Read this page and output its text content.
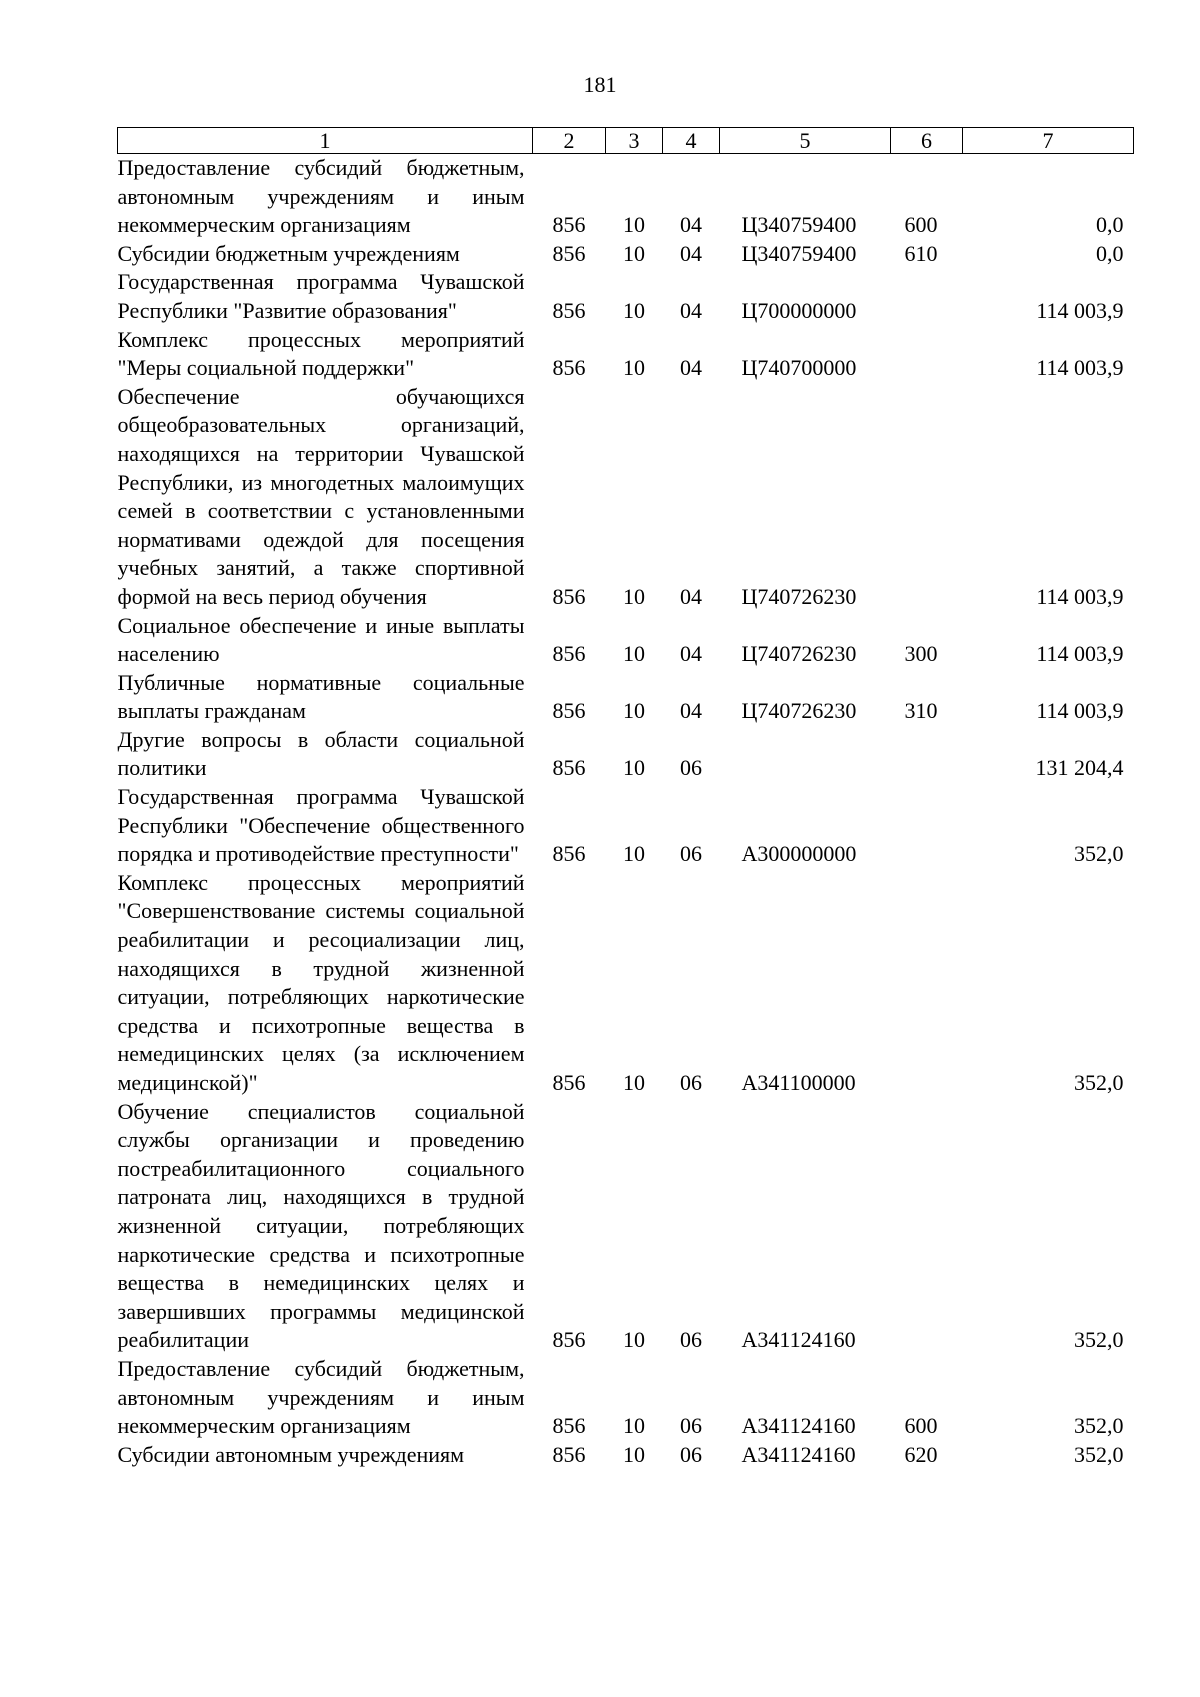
181
1	2	3	4	5	6	7
Предоставление субсидий бюджетным, автономным учреждениям и иным некоммерческим организациям	856	10	04	Ц340759400	600	0,0
Субсидии бюджетным учреждениям	856	10	04	Ц340759400	610	0,0
Государственная программа Чувашской Республики "Развитие образования"	856	10	04	Ц700000000		114 003,9
Комплекс процессных мероприятий "Меры социальной поддержки"	856	10	04	Ц740700000		114 003,9
Обеспечение обучающихся общеобразовательных организаций, находящихся на территории Чувашской Республики, из многодетных малоимущих семей в соответствии с установленными нормативами одеждой для посещения учебных занятий, а также спортивной формой на весь период обучения	856	10	04	Ц740726230		114 003,9
Социальное обеспечение и иные выплаты населению	856	10	04	Ц740726230	300	114 003,9
Публичные нормативные социальные выплаты гражданам	856	10	04	Ц740726230	310	114 003,9
Другие вопросы в области социальной политики	856	10	06			131 204,4
Государственная программа Чувашской Республики "Обеспечение общественного порядка и противодействие преступности"	856	10	06	А300000000		352,0
Комплекс процессных мероприятий "Совершенствование системы социальной реабилитации и ресоциализации лиц, находящихся в трудной жизненной ситуации, потребляющих наркотические средства и психотропные вещества в немедицинских целях (за исключением медицинской)"	856	10	06	А341100000		352,0
Обучение специалистов социальной службы организации и проведению постреабилитационного социального патроната лиц, находящихся в трудной жизненной ситуации, потребляющих наркотические средства и психотропные вещества в немедицинских целях и завершивших программы медицинской реабилитации	856	10	06	А341124160		352,0
Предоставление субсидий бюджетным, автономным учреждениям и иным некоммерческим организациям	856	10	06	А341124160	600	352,0
Субсидии автономным учреждениям	856	10	06	А341124160	620	352,0
